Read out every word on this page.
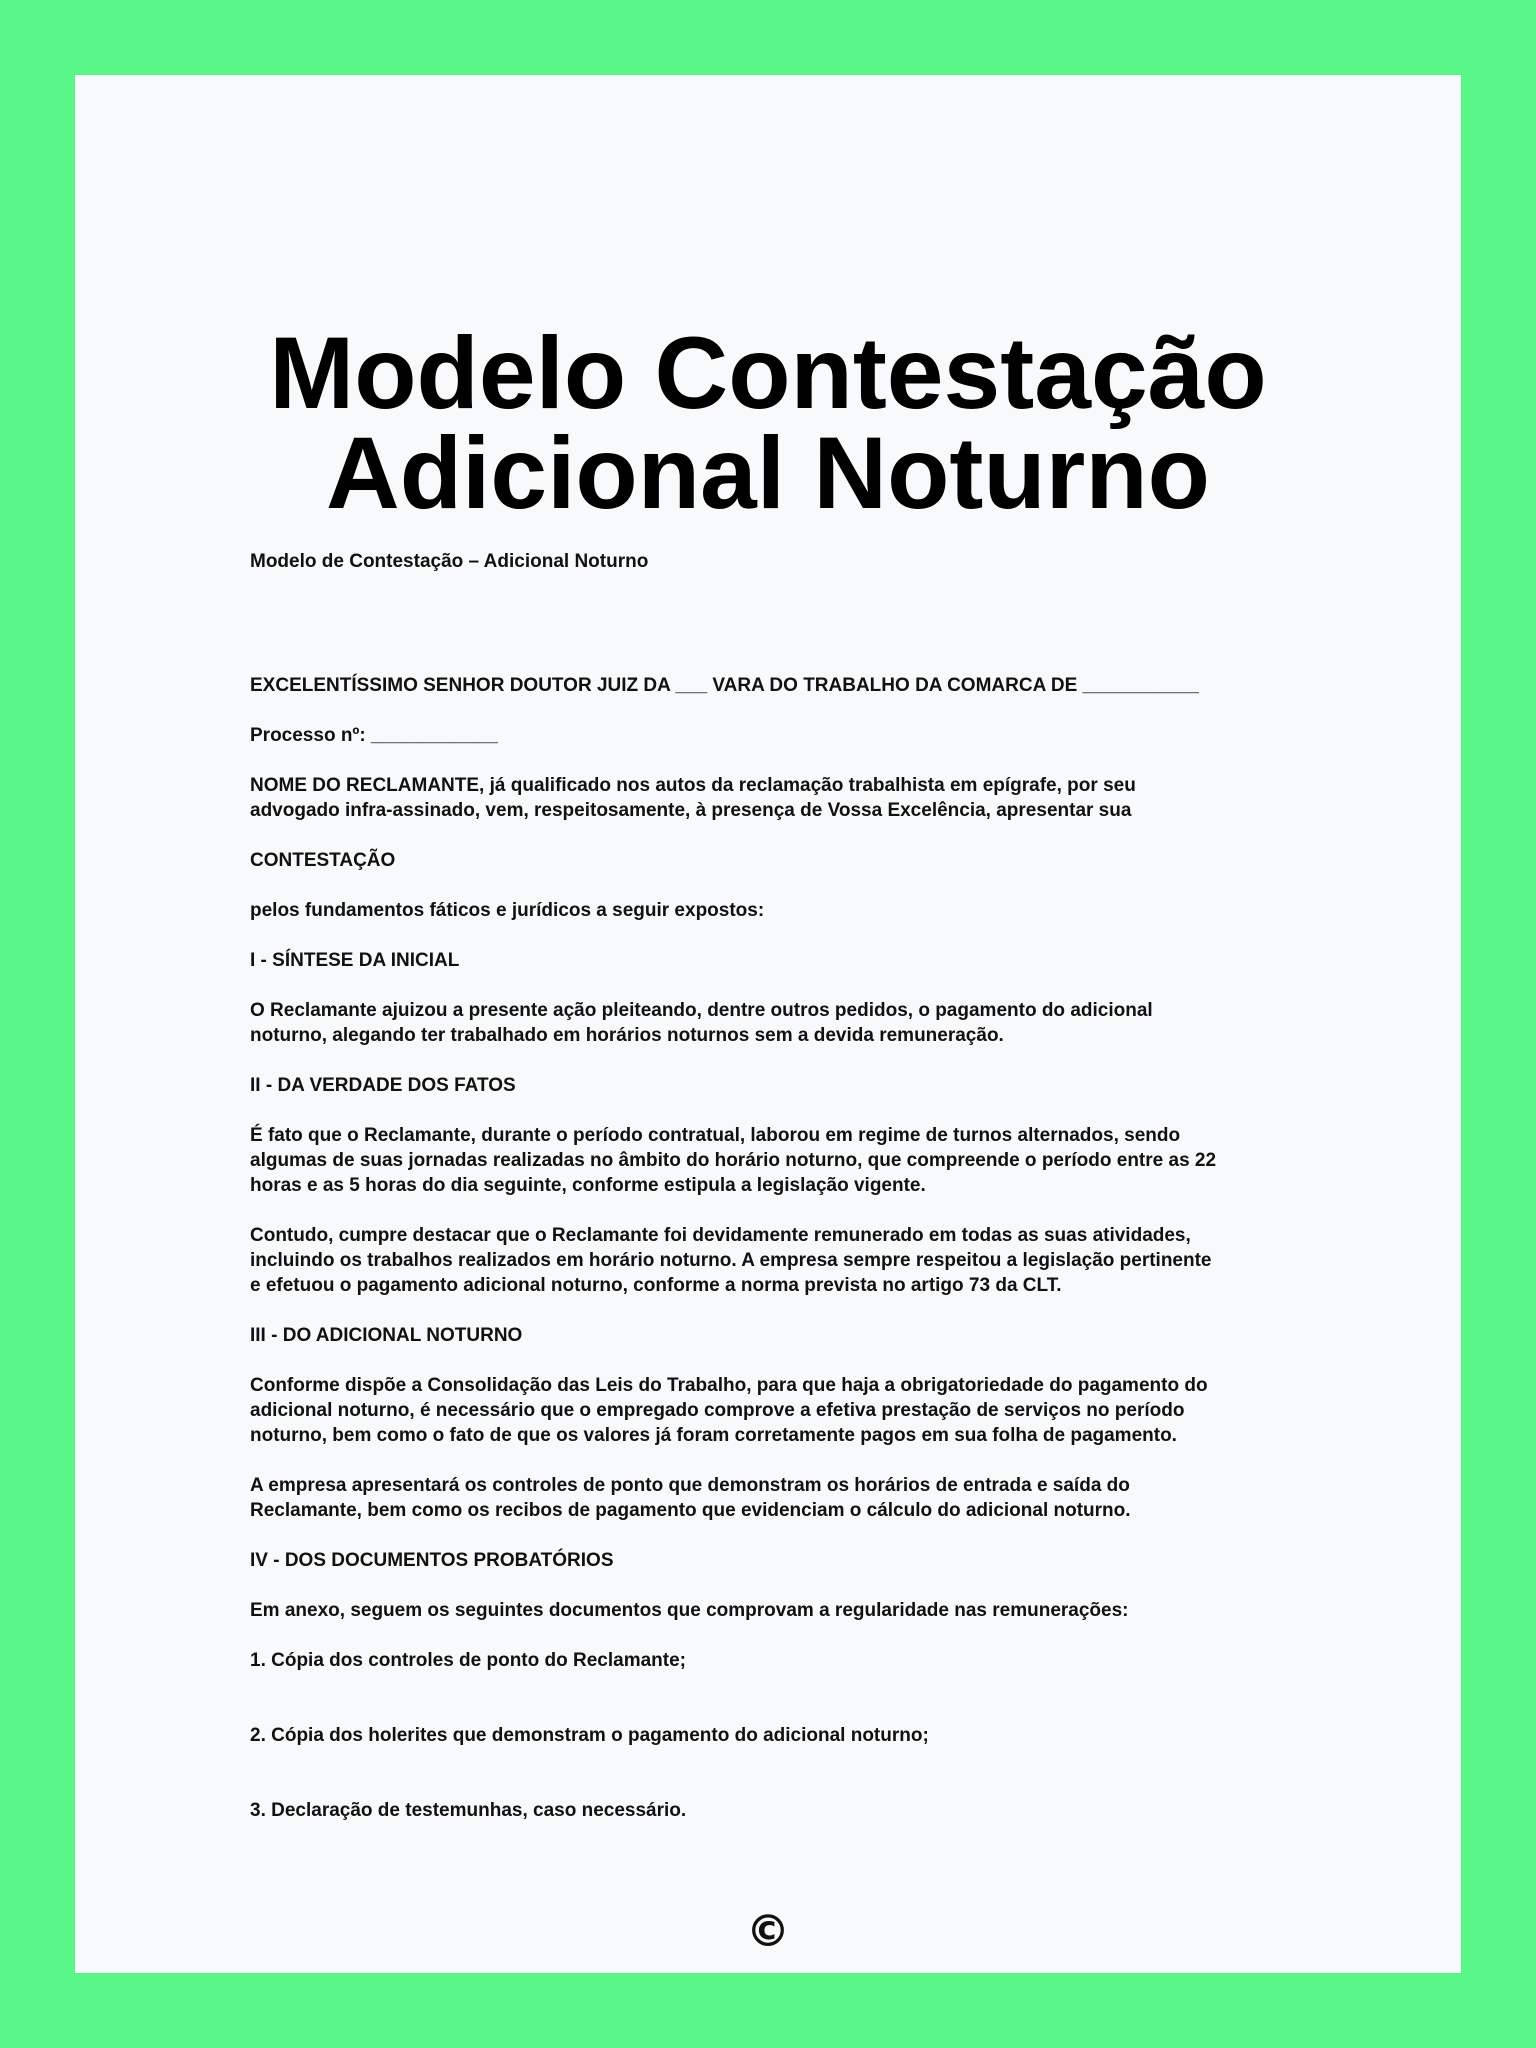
Modelo Contestação
Adicional Noturno

Modelo de Contestação – Adicional Noturno

EXCELENTÍSSIMO SENHOR DOUTOR JUIZ DA ___ VARA DO TRABALHO DA COMARCA DE ___________

Processo nº: ____________

NOME DO RECLAMANTE, já qualificado nos autos da reclamação trabalhista em epígrafe, por seu
advogado infra-assinado, vem, respeitosamente, à presença de Vossa Excelência, apresentar sua

CONTESTAÇÃO

pelos fundamentos fáticos e jurídicos a seguir expostos:

I - SÍNTESE DA INICIAL

O Reclamante ajuizou a presente ação pleiteando, dentre outros pedidos, o pagamento do adicional
noturno, alegando ter trabalhado em horários noturnos sem a devida remuneração.

II - DA VERDADE DOS FATOS

É fato que o Reclamante, durante o período contratual, laborou em regime de turnos alternados, sendo
algumas de suas jornadas realizadas no âmbito do horário noturno, que compreende o período entre as 22
horas e as 5 horas do dia seguinte, conforme estipula a legislação vigente.

Contudo, cumpre destacar que o Reclamante foi devidamente remunerado em todas as suas atividades,
incluindo os trabalhos realizados em horário noturno. A empresa sempre respeitou a legislação pertinente
e efetuou o pagamento adicional noturno, conforme a norma prevista no artigo 73 da CLT.

III - DO ADICIONAL NOTURNO

Conforme dispõe a Consolidação das Leis do Trabalho, para que haja a obrigatoriedade do pagamento do
adicional noturno, é necessário que o empregado comprove a efetiva prestação de serviços no período
noturno, bem como o fato de que os valores já foram corretamente pagos em sua folha de pagamento.

A empresa apresentará os controles de ponto que demonstram os horários de entrada e saída do
Reclamante, bem como os recibos de pagamento que evidenciam o cálculo do adicional noturno.

IV - DOS DOCUMENTOS PROBATÓRIOS

Em anexo, seguem os seguintes documentos que comprovam a regularidade nas remunerações:

1. Cópia dos controles de ponto do Reclamante;

2. Cópia dos holerites que demonstram o pagamento do adicional noturno;

3. Declaração de testemunhas, caso necessário.

©
